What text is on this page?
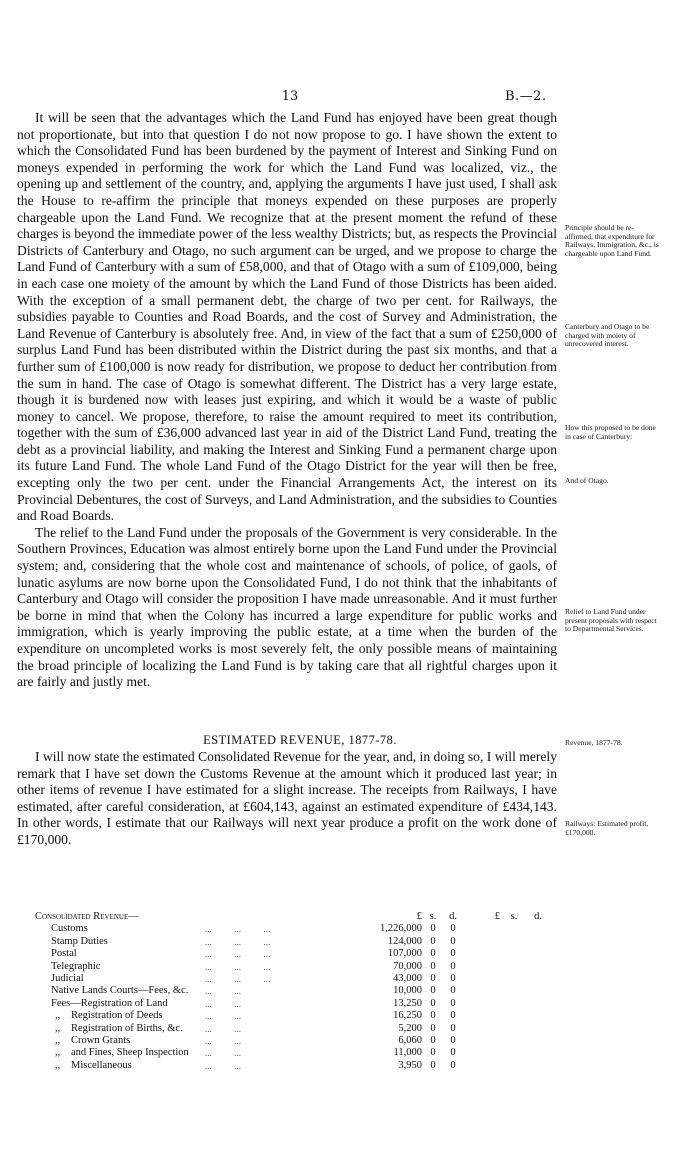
13	B.—2.

It will be seen that the advantages which the Land Fund has enjoyed have been great though not proportionate, but into that question I do not now propose to go. I have shown the extent to which the Consolidated Fund has been burdened by the payment of Interest and Sinking Fund on moneys expended in performing the work for which the Land Fund was localized, viz., the opening up and settlement of the country, and, applying the arguments I have just used, I shall ask the House to re-affirm the principle that moneys expended on these purposes are properly chargeable upon the Land Fund. We recognize that at the present moment the refund of these charges is beyond the immediate power of the less wealthy Districts; but, as respects the Provincial Districts of Canterbury and Otago, no such argument can be urged, and we propose to charge the Land Fund of Canterbury with a sum of £58,000, and that of Otago with a sum of £109,000, being in each case one moiety of the amount by which the Land Fund of those Districts has been aided. With the exception of a small permanent debt, the charge of two per cent. for Railways, the subsidies payable to Counties and Road Boards, and the cost of Survey and Administration, the Land Revenue of Canterbury is absolutely free. And, in view of the fact that a sum of £250,000 of surplus Land Fund has been distributed within the District during the past six months, and that a further sum of £100,000 is now ready for distribution, we propose to deduct her contribution from the sum in hand. The case of Otago is somewhat different. The District has a very large estate, though it is burdened now with leases just expiring, and which it would be a waste of public money to cancel. We propose, therefore, to raise the amount required to meet its contribution, together with the sum of £36,000 advanced last year in aid of the District Land Fund, treating the debt as a provincial liability, and making the Interest and Sinking Fund a permanent charge upon its future Land Fund. The whole Land Fund of the Otago District for the year will then be free, excepting only the two per cent. under the Financial Arrangements Act, the interest on its Provincial Debentures, the cost of Surveys, and Land Administration, and the subsidies to Counties and Road Boards.

The relief to the Land Fund under the proposals of the Government is very considerable. In the Southern Provinces, Education was almost entirely borne upon the Land Fund under the Provincial system; and, considering that the whole cost and maintenance of schools, of police, of gaols, of lunatic asylums are now borne upon the Consolidated Fund, I do not think that the inhabitants of Canterbury and Otago will consider the proposition I have made unreasonable. And it must further be borne in mind that when the Colony has incurred a large expenditure for public works and immigration, which is yearly improving the public estate, at a time when the burden of the expenditure on uncompleted works is most severely felt, the only possible means of maintaining the broad principle of localizing the Land Fund is by taking care that all rightful charges upon it are fairly and justly met.

Principle should be re-affirmed, that expenditure for Railways, Immigration, &c., is chargeable upon Land Fund.
Canterbury and Otago to be charged with moiety of unrecovered interest.
How this proposed to be done in case of Canterbury:
And of Otago.
Relief to Land Fund under present proposals with respect to Departmental Services.
Revenue, 1877-78.
Railways: Estimated profit, £170,000.
ESTIMATED REVENUE, 1877-78.

I will now state the estimated Consolidated Revenue for the year, and, in doing so, I will merely remark that I have set down the Customs Revenue at the amount which it produced last year; in other items of revenue I have estimated for a slight increase. The receipts from Railways, I have estimated, after careful consideration, at £604,143, against an estimated expenditure of £434,143. In other words, I estimate that our Railways will next year produce a profit on the work done of £170,000.

Consolidated Revenue—		£	s.	d.	£	s.	d.
Customs	...          ...          ...	1,226,000	0	0			
Stamp Duties	...          ...          ...	124,000	0	0			
Postal	...          ...          ...	107,000	0	0			
Telegraphic	...          ...          ...	70,000	0	0			
Judicial	...          ...          ...	43,000	0	0			
Native Lands Courts—Fees, &c.	...          ...	10,000	0	0			
Fees—Registration of Land	...          ...	13,250	0	0			
,, Registration of Deeds	...          ...	16,250	0	0			
,, Registration of Births, &c.	...          ...	5,200	0	0			
,, Crown Grants	...          ...	6,060	0	0			
,, and Fines, Sheep Inspection	...          ...	11,000	0	0			
,, Miscellaneous	...          ...	3,950	0	0			
